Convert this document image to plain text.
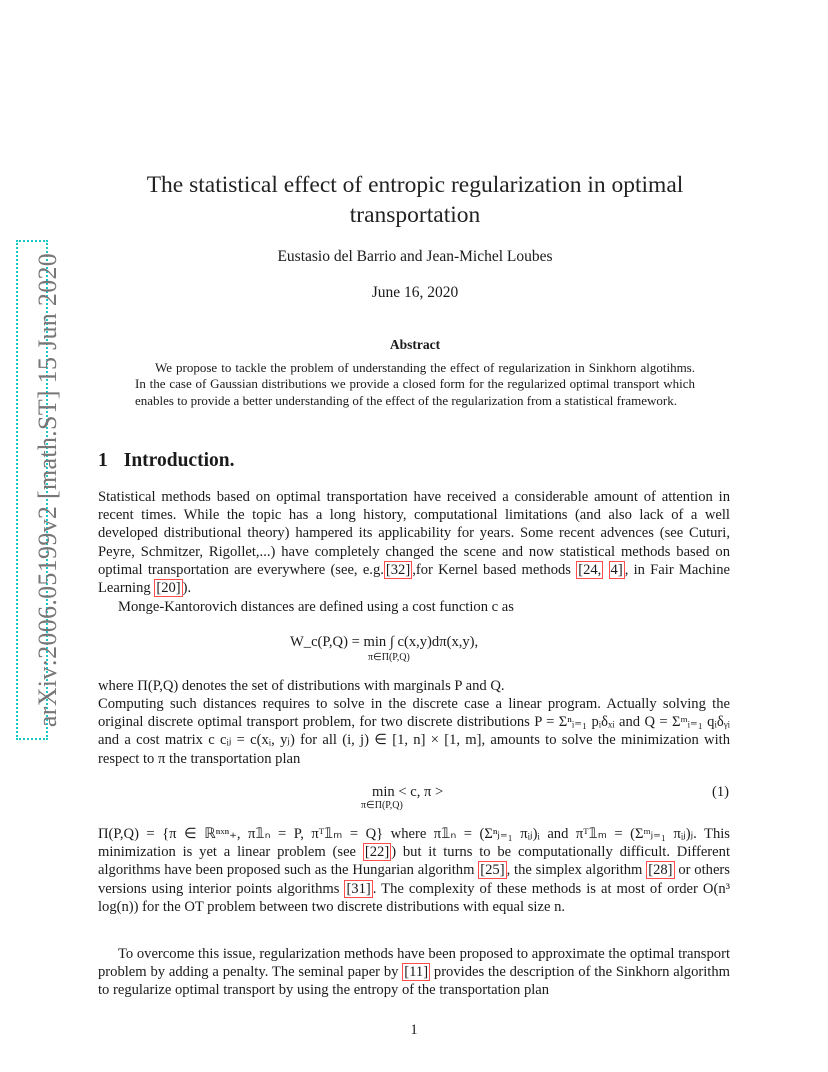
arXiv:2006.05199v2 [math.ST] 15 Jun 2020
The statistical effect of entropic regularization in optimal
transportation
Eustasio del Barrio and Jean-Michel Loubes
June 16, 2020
Abstract
We propose to tackle the problem of understanding the effect of regularization in Sinkhorn algotihms. In the case of Gaussian distributions we provide a closed form for the regularized optimal transport which enables to provide a better understanding of the effect of the regularization from a statistical framework.
1 Introduction.

Statistical methods based on optimal transportation have received a considerable amount of attention in recent times. While the topic has a long history, computational limitations (and also lack of a well developed distributional theory) hampered its applicability for years. Some recent advences (see Cuturi, Peyre, Schmitzer, Rigollet,...) have completely changed the scene and now statistical methods based on optimal transportation are everywhere (see, e.g. [32] ,for Kernel based methods [24, 4] , in Fair Machine Learning [20] ).

Monge-Kantorovich distances are defined using a cost function c as

W_c(P,Q) = min ∫ c(x,y)dπ(x,y),
π∈Π(P,Q)

where Π(P,Q) denotes the set of distributions with marginals P and Q.

Computing such distances requires to solve in the discrete case a linear program. Actually solving the original discrete optimal transport problem, for two discrete distributions P = Σⁿᵢ₌₁ pᵢδₓᵢ and Q = Σᵐᵢ₌₁ qᵢδᵧᵢ and a cost matrix c cᵢⱼ = c(xᵢ, yⱼ) for all (i, j) ∈ [1, n] × [1, m], amounts to solve the minimization with respect to π the transportation plan

min < c, π >
π∈Π(P,Q)
(1)

Π(P,Q) = {π ∈ ℝⁿˣⁿ₊, π𝟙ₙ = P, πᵀ𝟙ₘ = Q} where π𝟙ₙ = (Σⁿⱼ₌₁ πᵢⱼ)ᵢ and πᵀ𝟙ₘ = (Σᵐⱼ₌₁ πᵢⱼ)ⱼ. This minimization is yet a linear problem (see [22] ) but it turns to be computationally difficult. Different algorithms have been proposed such as the Hungarian algorithm [25] , the simplex algorithm [28] or others versions using interior points algorithms [31] . The complexity of these methods is at most of order O(n³ log(n)) for the OT problem between two discrete distributions with equal size n.

To overcome this issue, regularization methods have been proposed to approximate the optimal transport problem by adding a penalty. The seminal paper by [11] provides the description of the Sinkhorn algorithm to regularize optimal transport by using the entropy of the transportation plan

1
